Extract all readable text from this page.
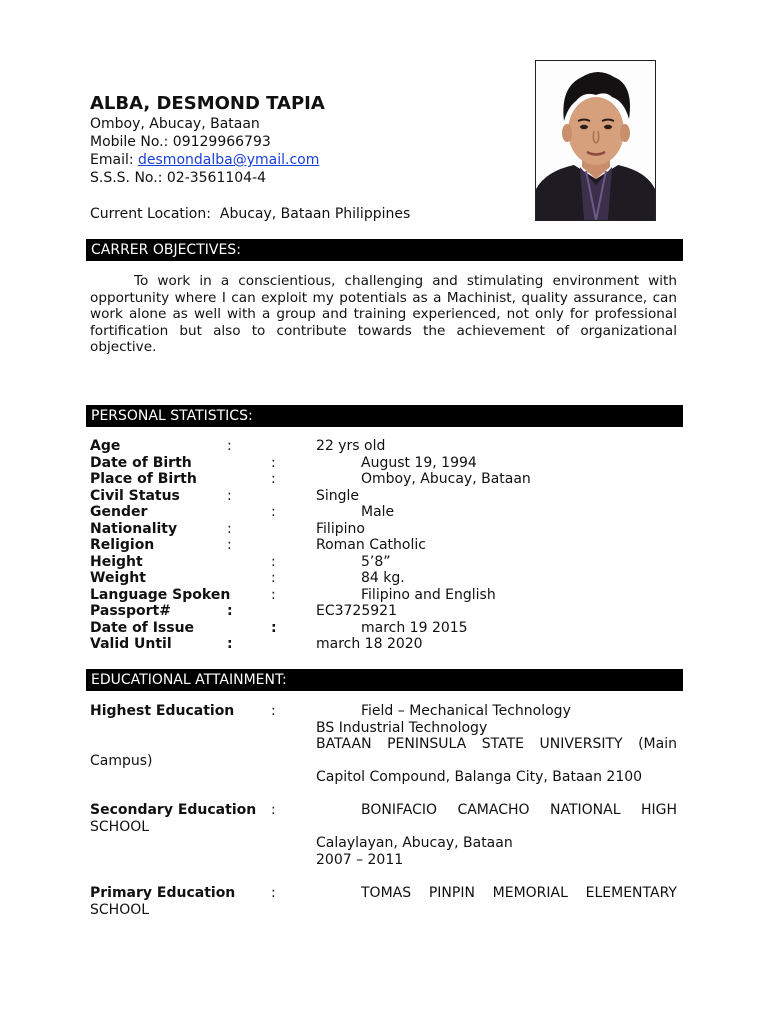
ALBA, DESMOND TAPIA
Omboy, Abucay, Bataan
Mobile No.: 09129966793
Email: desmondalba@ymail.com
S.S.S. No.: 02-3561104-4
Current Location: Abucay, Bataan Philippines
CARRER OBJECTIVES:
To work in a conscientious, challenging and stimulating environment with opportunity where I can exploit my potentials as a Machinist, quality assurance, can work alone as well with a group and training experienced, not only for professional fortification but also to contribute towards the achievement of organizational objective.
PERSONAL STATISTICS:
Age	:	22 yrs old
Date of Birth	:	August 19, 1994
Place of Birth	:	Omboy, Abucay, Bataan
Civil Status	:	Single
Gender	:	Male
Nationality	:	Filipino
Religion	:	Roman Catholic
Height	:	5’8”
Weight	:	84 kg.
Language Spoken	:	Filipino and English
Passport#	:	EC3725921
Date of Issue	:	march 19 2015
Valid Until	:	march 18 2020
EDUCATIONAL ATTAINMENT:
Highest Education	:	Field – Mechanical Technology
BS Industrial Technology
BATAAN PENINSULA STATE UNIVERSITY (Main
Campus)
Capitol Compound, Balanga City, Bataan 2100
Secondary Education :	BONIFACIO CAMACHO NATIONAL HIGH
SCHOOL
Calaylayan, Abucay, Bataan
2007 – 2011
Primary Education	:	TOMAS PINPIN MEMORIAL ELEMENTARY
SCHOOL
